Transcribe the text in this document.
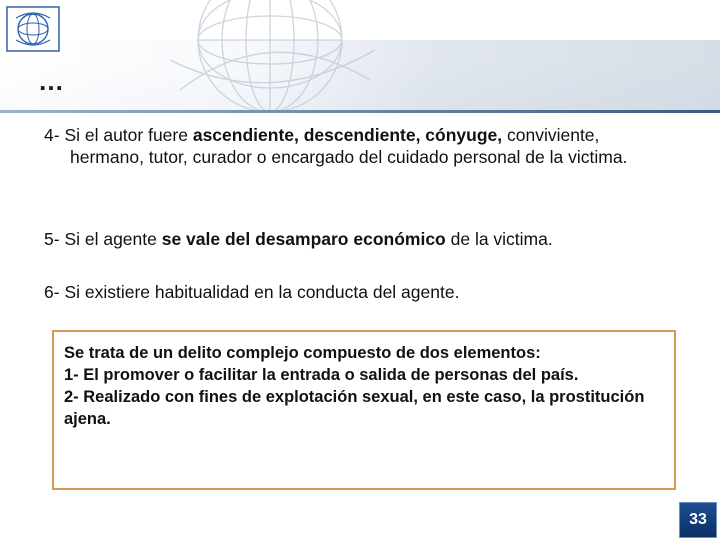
…
4- Si el autor fuere ascendiente, descendiente, cónyuge, conviviente,
hermano, tutor, curador o encargado del cuidado personal de la victima.
5- Si el agente se vale del desamparo económico de la victima.
6- Si existiere habitualidad en la conducta del agente.

Se trata de un delito complejo compuesto de dos elementos:

1- El promover o facilitar la entrada o salida de personas del país.

2- Realizado con fines de explotación sexual, en este caso, la prostitución ajena.

33
